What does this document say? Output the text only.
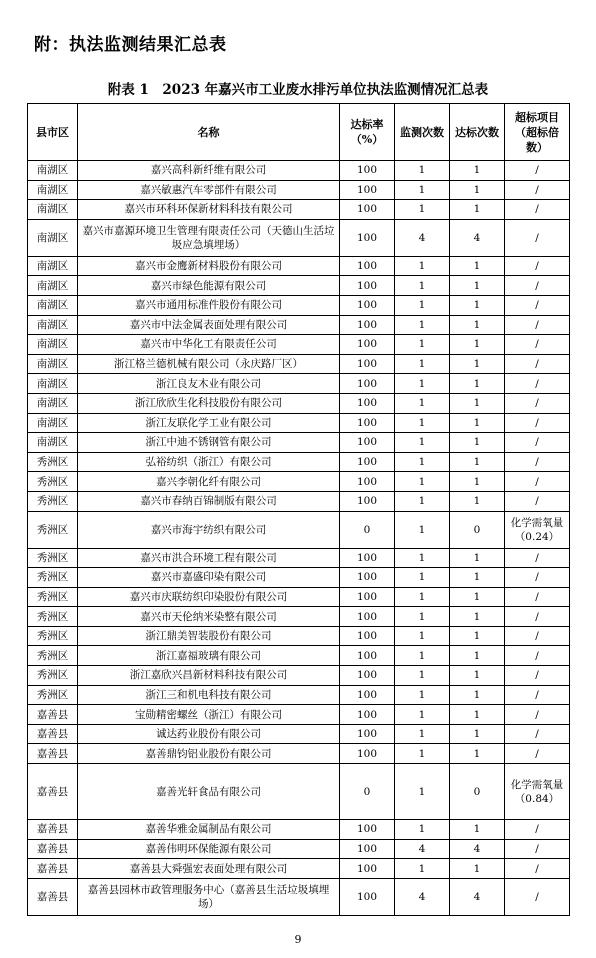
附：执法监测结果汇总表
附表 1　2023 年嘉兴市工业废水排污单位执法监测情况汇总表
县市区	名称	达标率（%）	监测次数	达标次数	超标项目（超标倍数）
南湖区	嘉兴高科新纤维有限公司	100	1	1	/
南湖区	嘉兴敏惠汽车零部件有限公司	100	1	1	/
南湖区	嘉兴市环科环保新材料科技有限公司	100	1	1	/
南湖区	嘉兴市嘉源环境卫生管理有限责任公司（天德山生活垃圾应急填埋场）	100	4	4	/
南湖区	嘉兴市金鹰新材料股份有限公司	100	1	1	/
南湖区	嘉兴市绿色能源有限公司	100	1	1	/
南湖区	嘉兴市通用标准件股份有限公司	100	1	1	/
南湖区	嘉兴市中法金属表面处理有限公司	100	1	1	/
南湖区	嘉兴市中华化工有限责任公司	100	1	1	/
南湖区	浙江格兰德机械有限公司（永庆路厂区）	100	1	1	/
南湖区	浙江良友木业有限公司	100	1	1	/
南湖区	浙江欣欣生化科技股份有限公司	100	1	1	/
南湖区	浙江友联化学工业有限公司	100	1	1	/
南湖区	浙江中迪不锈钢管有限公司	100	1	1	/
秀洲区	弘裕纺织（浙江）有限公司	100	1	1	/
秀洲区	嘉兴李朝化纤有限公司	100	1	1	/
秀洲区	嘉兴市春纳百锦制版有限公司	100	1	1	/
秀洲区	嘉兴市海宇纺织有限公司	0	1	0	化学需氧量（0.24）
秀洲区	嘉兴市洪合环境工程有限公司	100	1	1	/
秀洲区	嘉兴市嘉盛印染有限公司	100	1	1	/
秀洲区	嘉兴市庆联纺织印染股份有限公司	100	1	1	/
秀洲区	嘉兴市天伦纳米染整有限公司	100	1	1	/
秀洲区	浙江鼎美智装股份有限公司	100	1	1	/
秀洲区	浙江嘉福玻璃有限公司	100	1	1	/
秀洲区	浙江嘉欣兴昌新材料科技有限公司	100	1	1	/
秀洲区	浙江三和机电科技有限公司	100	1	1	/
嘉善县	宝勋精密螺丝（浙江）有限公司	100	1	1	/
嘉善县	诚达药业股份有限公司	100	1	1	/
嘉善县	嘉善鼎钧铝业股份有限公司	100	1	1	/
嘉善县	嘉善光轩食品有限公司	0	1	0	化学需氧量（0.84）
嘉善县	嘉善华雅金属制品有限公司	100	1	1	/
嘉善县	嘉善伟明环保能源有限公司	100	4	4	/
嘉善县	嘉善县大舜强宏表面处理有限公司	100	1	1	/
嘉善县	嘉善县园林市政管理服务中心（嘉善县生活垃圾填埋场）	100	4	4	/
9
